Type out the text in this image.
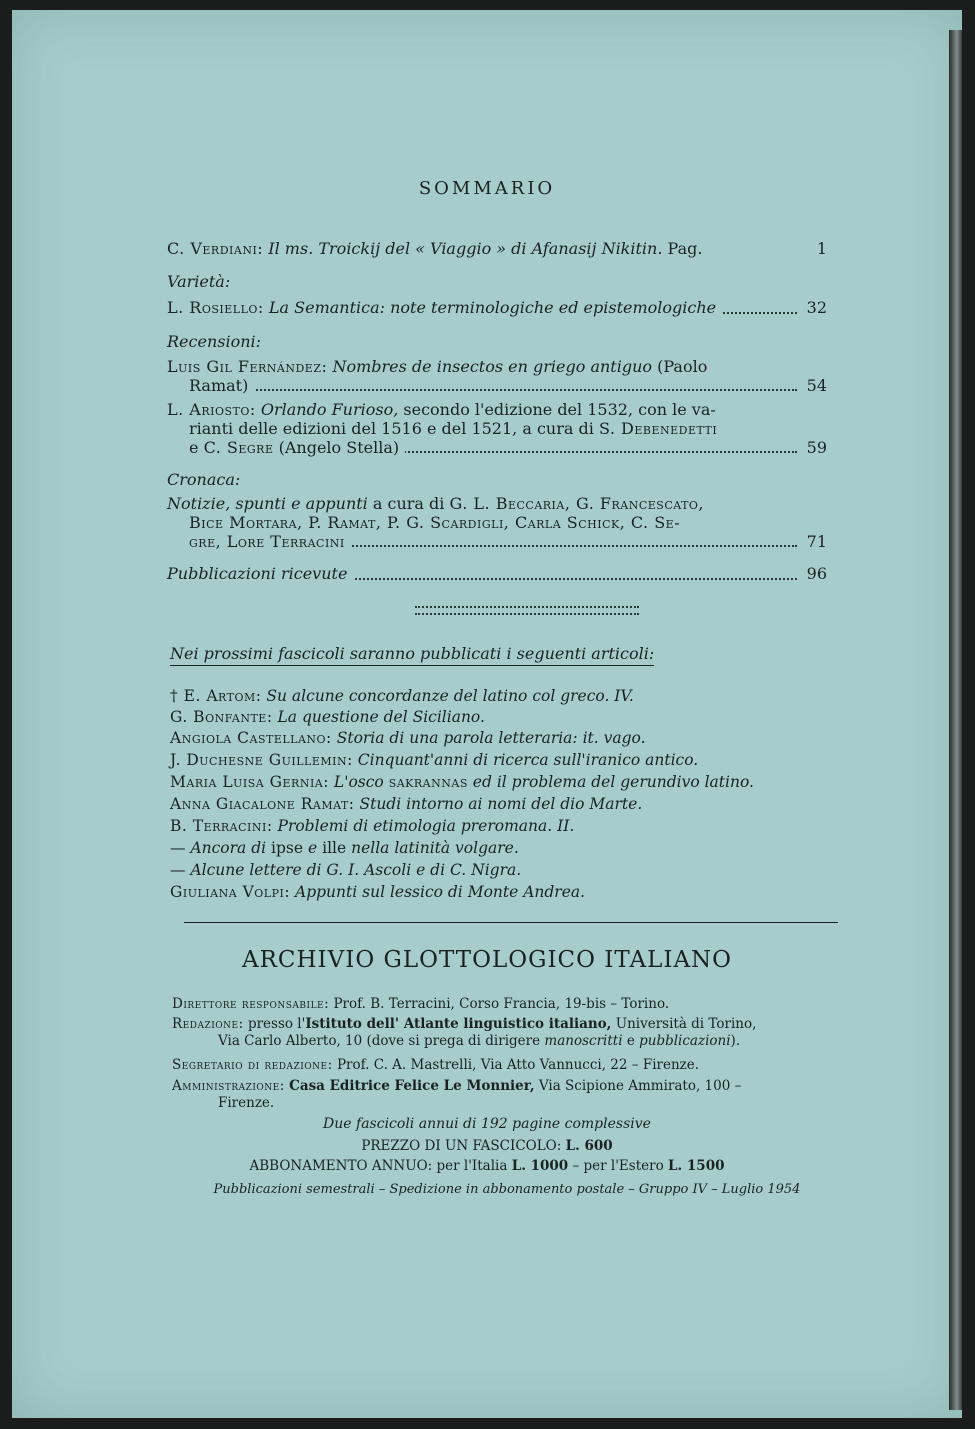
SOMMARIO
C. Verdiani: Il ms. Troickij del « Viaggio » di Afanasij Nikitin. Pag.	1
Varietà:
L. Rosiello: La Semantica: note terminologiche ed epistemologiche	32
Recensioni:
Luis Gil Fernández: Nombres de insectos en griego antiguo (Paolo
Ramat)	54
L. Ariosto: Orlando Furioso, secondo l'edizione del 1532, con le va-
rianti delle edizioni del 1516 e del 1521, a cura di S. Debenedetti
e C. Segre (Angelo Stella)	59
Cronaca:
Notizie, spunti e appunti a cura di G. L. Beccaria, G. Francescato,
Bice Mortara, P. Ramat, P. G. Scardigli, Carla Schick, C. Se-
gre, Lore Terracini	71
Pubblicazioni ricevute	96
Nei prossimi fascicoli saranno pubblicati i seguenti articoli:
† E. Artom: Su alcune concordanze del latino col greco. IV.
G. Bonfante: La questione del Siciliano.
Angiola Castellano: Storia di una parola letteraria: it. vago.
J. Duchesne Guillemin: Cinquant'anni di ricerca sull'iranico antico.
Maria Luisa Gernia: L'osco sakrannas ed il problema del gerundivo latino.
Anna Giacalone Ramat: Studi intorno ai nomi del dio Marte.
B. Terracini: Problemi di etimologia preromana. II.
— Ancora di ipse e ille nella latinità volgare.
— Alcune lettere di G. I. Ascoli e di C. Nigra.
Giuliana Volpi: Appunti sul lessico di Monte Andrea.
ARCHIVIO GLOTTOLOGICO ITALIANO
Direttore responsabile: Prof. B. Terracini, Corso Francia, 19-bis – Torino.
Redazione: presso l'Istituto dell' Atlante linguistico italiano, Università di Torino,
Via Carlo Alberto, 10 (dove si prega di dirigere manoscritti e pubblicazioni).
Segretario di redazione: Prof. C. A. Mastrelli, Via Atto Vannucci, 22 – Firenze.
Amministrazione: Casa Editrice Felice Le Monnier, Via Scipione Ammirato, 100 –
Firenze.
Due fascicoli annui di 192 pagine complessive
PREZZO DI UN FASCICOLO: L. 600
ABBONAMENTO ANNUO: per l'Italia L. 1000 – per l'Estero L. 1500
Pubblicazioni semestrali – Spedizione in abbonamento postale – Gruppo IV – Luglio 1954
